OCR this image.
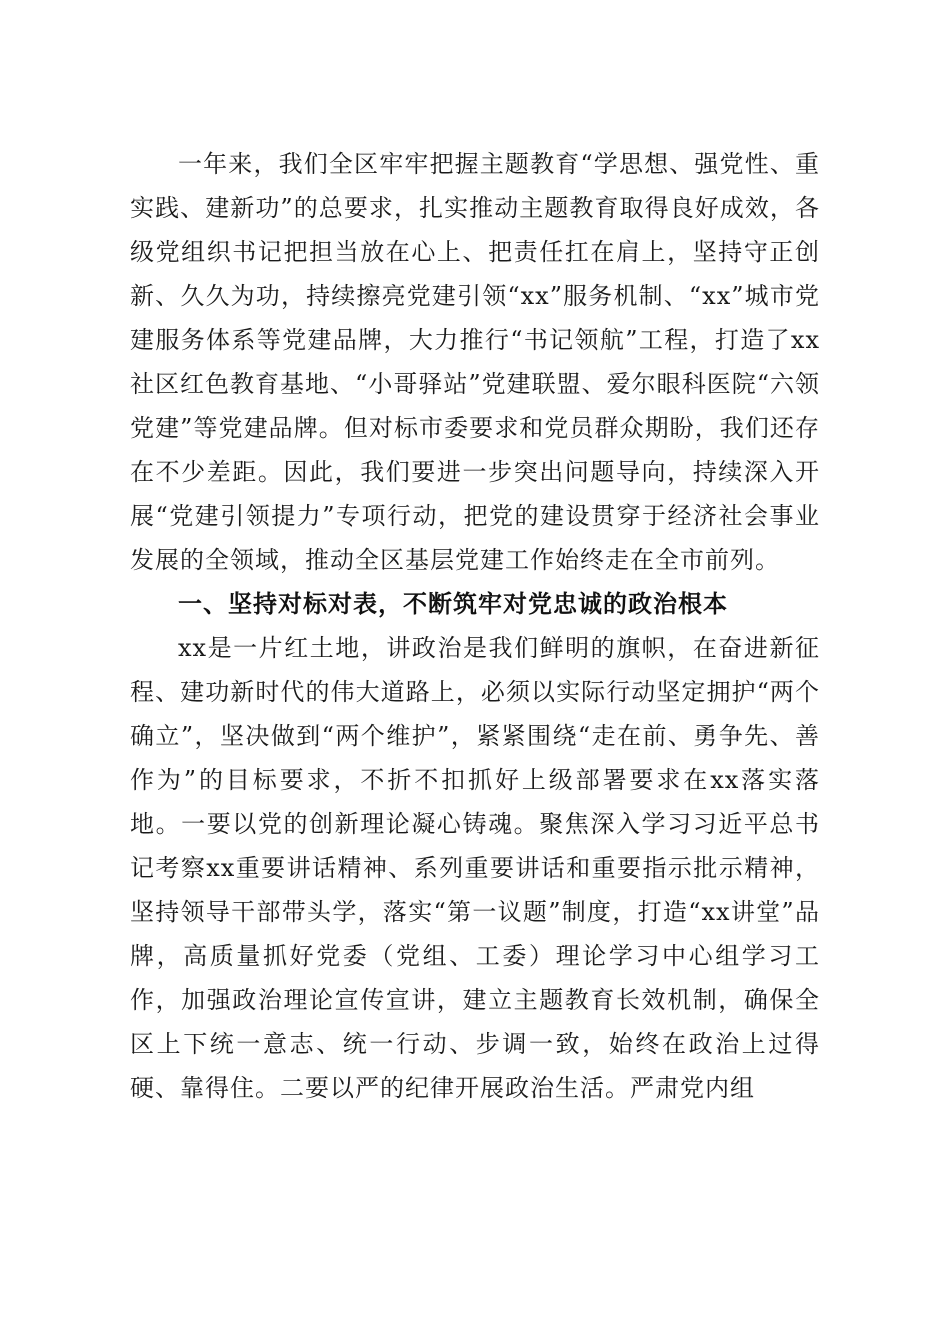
一年来，我们全区牢牢把握主题教育“学思想、强党性、重实践、建新功”的总要求，扎实推动主题教育取得良好成效，各级党组织书记把担当放在心上、把责任扛在肩上，坚持守正创新、久久为功，持续擦亮党建引领“xx”服务机制、“xx”城市党建服务体系等党建品牌，大力推行“书记领航”工程，打造了xx社区红色教育基地、“小哥驿站”党建联盟、爱尔眼科医院“六领党建”等党建品牌。但对标市委要求和党员群众期盼，我们还存在不少差距。因此，我们要进一步突出问题导向，持续深入开展“党建引领提力”专项行动，把党的建设贯穿于经济社会事业发展的全领域，推动全区基层党建工作始终走在全市前列。

一、坚持对标对表，不断筑牢对党忠诚的政治根本

xx是一片红土地，讲政治是我们鲜明的旗帜，在奋进新征程、建功新时代的伟大道路上，必须以实际行动坚定拥护“两个确立”，坚决做到“两个维护”，紧紧围绕“走在前、勇争先、善作为”的目标要求，不折不扣抓好上级部署要求在xx落实落地。一要以党的创新理论凝心铸魂。聚焦深入学习习近平总书记考察xx重要讲话精神、系列重要讲话和重要指示批示精神，坚持领导干部带头学，落实“第一议题”制度，打造“xx讲堂”品牌，高质量抓好党委（党组、工委）理论学习中心组学习工作，加强政治理论宣传宣讲，建立主题教育长效机制，确保全区上下统一意志、统一行动、步调一致，始终在政治上过得硬、靠得住。二要以严的纪律开展政治生活。严肃党内组
